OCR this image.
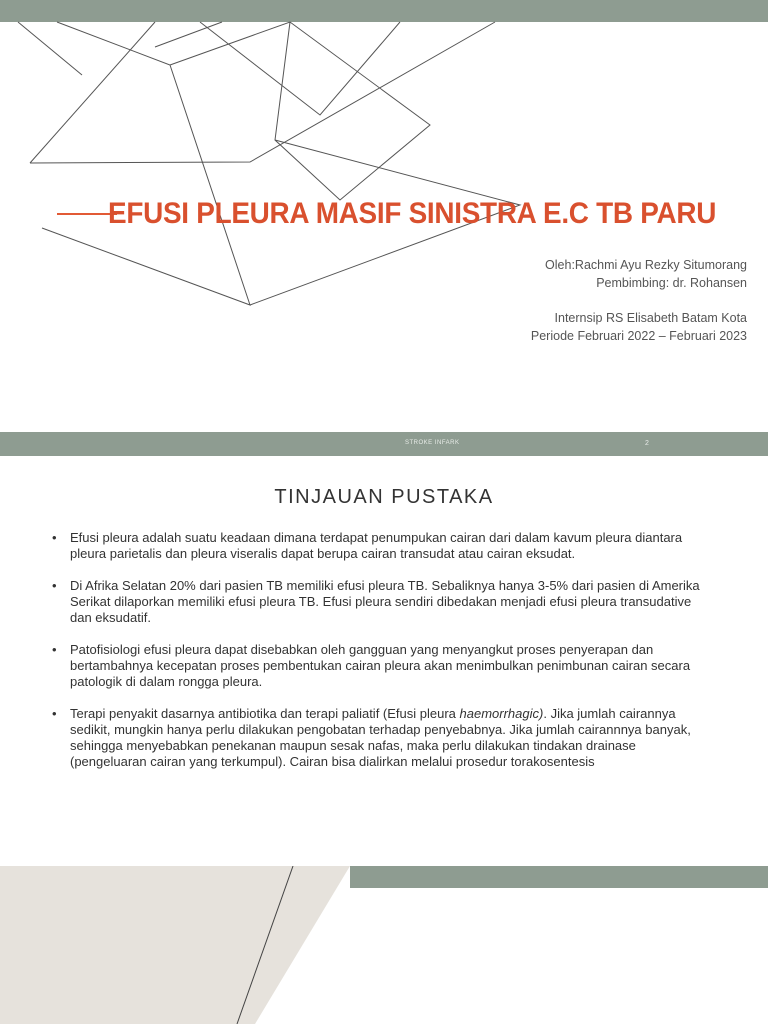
EFUSI PLEURA MASIF SINISTRA E.C TB PARU
Oleh:Rachmi Ayu Rezky Situmorang
Pembimbing: dr. Rohansen
Internsip RS Elisabeth Batam Kota
Periode Februari 2022 – Februari 2023
STROKE INFARK	2
TINJAUAN PUSTAKA
• Efusi pleura adalah suatu keadaan dimana terdapat penumpukan cairan dari dalam kavum pleura diantara pleura parietalis dan pleura viseralis dapat berupa cairan transudat atau cairan eksudat.
• Di Afrika Selatan 20% dari pasien TB memiliki efusi pleura TB. Sebaliknya hanya 3-5% dari pasien di Amerika Serikat dilaporkan memiliki efusi pleura TB. Efusi pleura sendiri dibedakan menjadi efusi pleura transudative dan eksudatif.
• Patofisiologi efusi pleura dapat disebabkan oleh gangguan yang menyangkut proses penyerapan dan bertambahnya kecepatan proses pembentukan cairan pleura akan menimbulkan penimbunan cairan secara patologik di dalam rongga pleura.
• Terapi penyakit dasarnya antibiotika dan terapi paliatif (Efusi pleura haemorrhagic). Jika jumlah cairannya sedikit, mungkin hanya perlu dilakukan pengobatan terhadap penyebabnya. Jika jumlah cairannnya banyak, sehingga menyebabkan penekanan maupun sesak nafas, maka perlu dilakukan tindakan drainase (pengeluaran cairan yang terkumpul). Cairan bisa dialirkan melalui prosedur torakosentesis
